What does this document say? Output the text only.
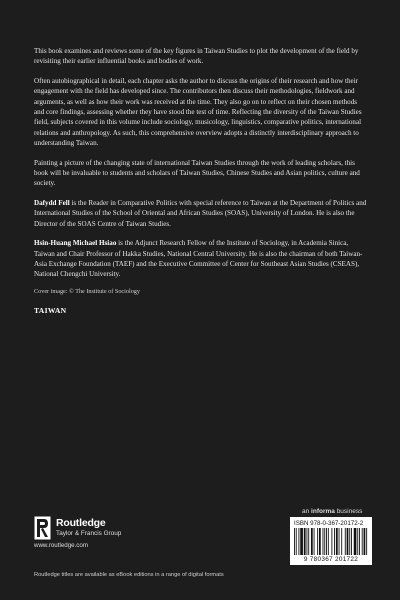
This book examines and reviews some of the key figures in Taiwan Studies to plot the development of the field by revisiting their earlier influential books and bodies of work.

Often autobiographical in detail, each chapter asks the author to discuss the origins of their research and how their engagement with the field has developed since. The contributors then discuss their methodologies, fieldwork and arguments, as well as how their work was received at the time. They also go on to reflect on their chosen methods and core findings, assessing whether they have stood the test of time. Reflecting the diversity of the Taiwan Studies field, subjects covered in this volume include sociology, musicology, linguistics, comparative politics, international relations and anthropology. As such, this comprehensive overview adopts a distinctly interdisciplinary approach to understanding Taiwan.

Painting a picture of the changing state of international Taiwan Studies through the work of leading scholars, this book will be invaluable to students and scholars of Taiwan Studies, Chinese Studies and Asian politics, culture and society.

Dafydd Fell is the Reader in Comparative Politics with special reference to Taiwan at the Department of Politics and International Studies of the School of Oriental and African Studies (SOAS), University of London. He is also the Director of the SOAS Centre of Taiwan Studies.

Hsin-Huang Michael Hsiao is the Adjunct Research Fellow of the Institute of Sociology, in Academia Sinica, Taiwan and Chair Professor of Hakka Studies, National Central University. He is also the chairman of both Taiwan-Asia Exchange Foundation (TAEF) and the Executive Committee of Center for Southeast Asian Studies (CSEAS), National Chengchi University.

Cover image: © The Institute of Sociology

TAIWAN

an informa business
Routledge
Taylor & Francis Group
www.routledge.com
ISBN 978-0-367-20172-2
9 780367 201722
Routledge titles are available as eBook editions in a range of digital formats
